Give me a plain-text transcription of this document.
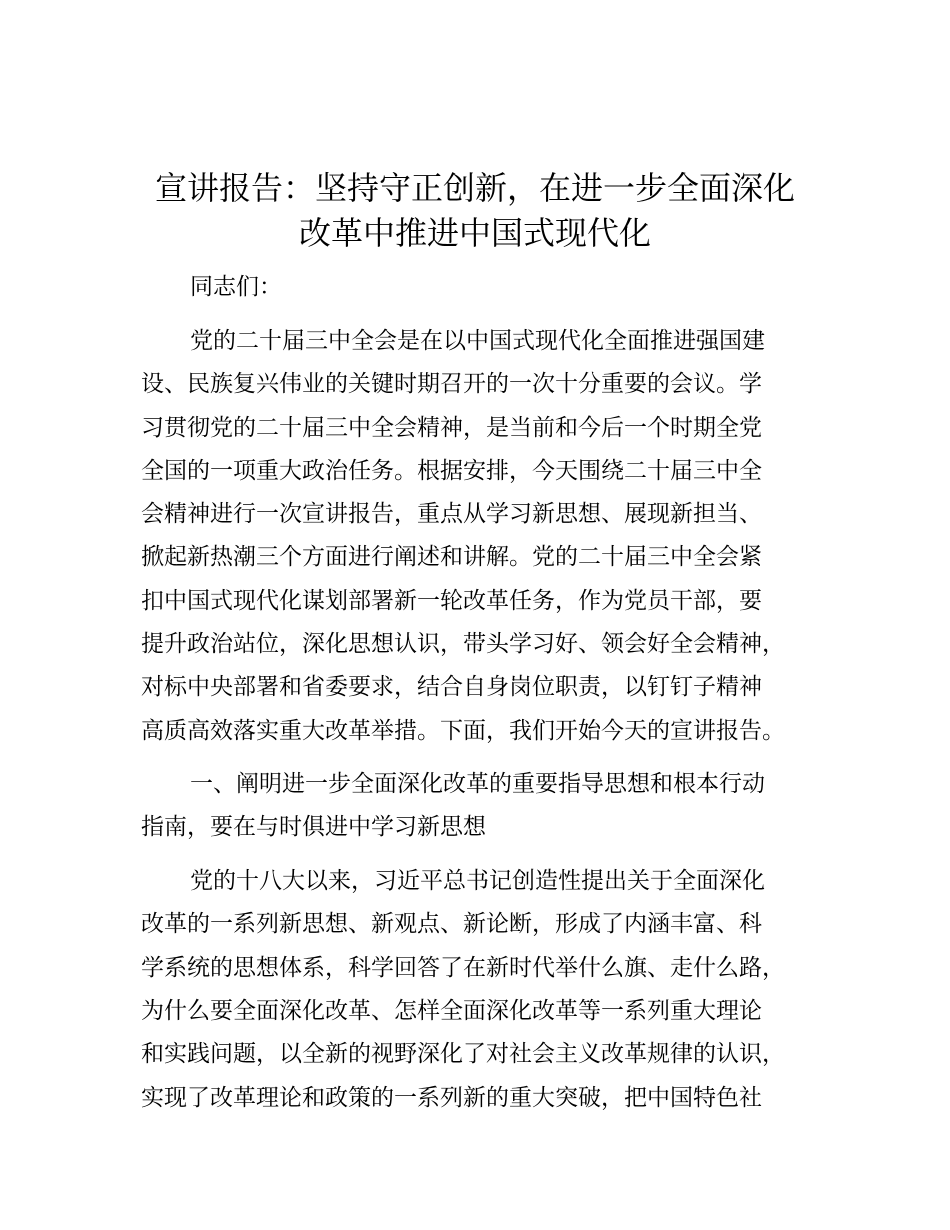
宣讲报告：坚持守正创新，在进一步全面深化
改革中推进中国式现代化

同志们：

党的二十届三中全会是在以中国式现代化全面推进强国建

设、民族复兴伟业的关键时期召开的一次十分重要的会议。学

习贯彻党的二十届三中全会精神，是当前和今后一个时期全党

全国的一项重大政治任务。根据安排，今天围绕二十届三中全

会精神进行一次宣讲报告，重点从学习新思想、展现新担当、

掀起新热潮三个方面进行阐述和讲解。党的二十届三中全会紧

扣中国式现代化谋划部署新一轮改革任务，作为党员干部，要

提升政治站位，深化思想认识，带头学习好、领会好全会精神，

对标中央部署和省委要求，结合自身岗位职责，以钉钉子精神

高质高效落实重大改革举措。下面，我们开始今天的宣讲报告。

一、阐明进一步全面深化改革的重要指导思想和根本行动

指南，要在与时俱进中学习新思想

党的十八大以来，习近平总书记创造性提出关于全面深化

改革的一系列新思想、新观点、新论断，形成了内涵丰富、科

学系统的思想体系，科学回答了在新时代举什么旗、走什么路，

为什么要全面深化改革、怎样全面深化改革等一系列重大理论

和实践问题，以全新的视野深化了对社会主义改革规律的认识，

实现了改革理论和政策的一系列新的重大突破，把中国特色社
